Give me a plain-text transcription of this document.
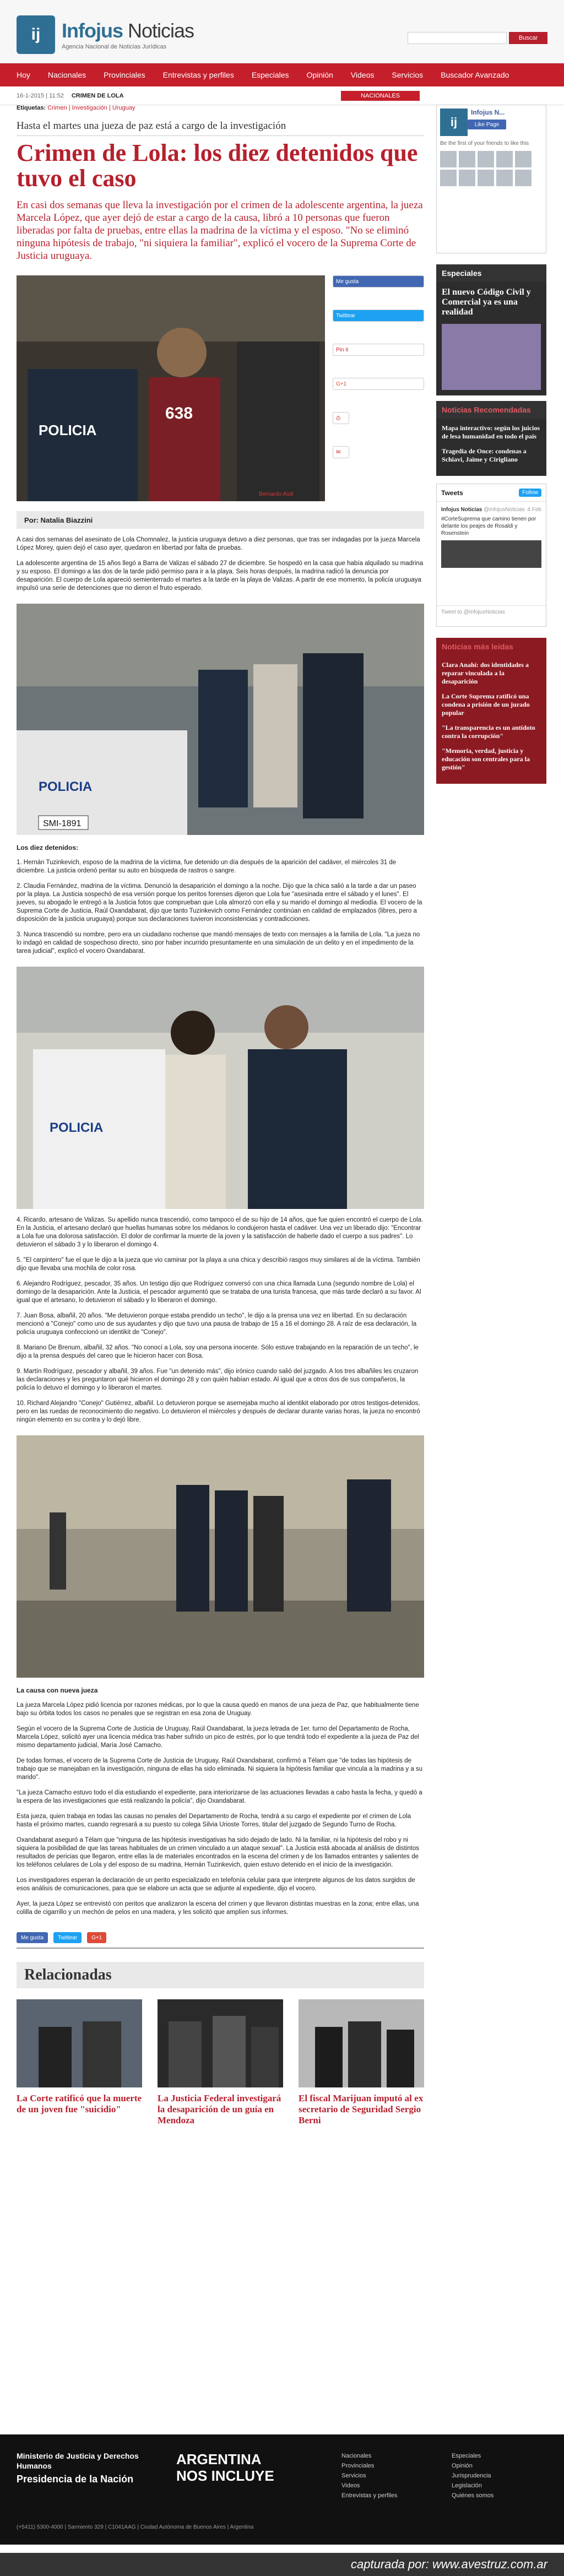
ij	Infojus Noticias
Agencia Nacional de Noticias Jurídicas
Buscar
Hoy Nacionales Provinciales Entrevistas y perfiles Especiales Opinión Videos Servicios Buscador Avanzado
16-1-2015 | 11:52 CRIMEN DE LOLA	NACIONALES
Etiquetas: Crimen | Investigación | Uruguay
Hasta el martes una jueza de paz está a cargo de la investigación
Crimen de Lola: los diez detenidos que tuvo el caso
En casi dos semanas que lleva la investigación por el crimen de la adolescente argentina, la jueza Marcela López, que ayer dejó de estar a cargo de la causa, libró a 10 personas que fueron liberadas por falta de pruebas, entre ellas la madrina de la víctima y el esposo. "No se eliminó ninguna hipótesis de trabajo, "ni siquiera la familiar", explicó el vocero de la Suprema Corte de Justicia uruguaya.
POLICIA
638
Bernardo Aiuli
Me gusta
Twittear
Pin it
G+1
⎙
✉
Por: Natalia Biazzini

A casi dos semanas del asesinato de Lola Chomnalez, la justicia uruguaya detuvo a diez personas, que tras ser indagadas por la jueza Marcela López Morey, quien dejó el caso ayer, quedaron en libertad por falta de pruebas.

La adolescente argentina de 15 años llegó a Barra de Valizas el sábado 27 de diciembre. Se hospedó en la casa que había alquilado su madrina y su esposo. El domingo a las dos de la tarde pidió permiso para ir a la playa. Seis horas después, la madrina radicó la denuncia por desaparición. El cuerpo de Lola apareció semienterrado el martes a la tarde en la playa de Valizas. A partir de ese momento, la policía uruguaya impulsó una serie de detenciones que no dieron el fruto esperado.

POLICIA
SMI-1891
Los diez detenidos:

1. Hernán Tuzinkevich, esposo de la madrina de la víctima, fue detenido un día después de la aparición del cadáver, el miércoles 31 de diciembre. La justicia ordenó peritar su auto en búsqueda de rastros o sangre.

2. Claudia Fernández, madrina de la víctima. Denunció la desaparición el domingo a la noche. Dijo que la chica salió a la tarde a dar un paseo por la playa. La Justicia sospechó de esa versión porque los peritos forenses dijeron que Lola fue "asesinada entre el sábado y el lunes". El jueves, su abogado le entregó a la Justicia fotos que comprueban que Lola almorzó con ella y su marido el domingo al mediodía. El vocero de la Suprema Corte de Justicia, Raúl Oxandabarat, dijo que tanto Tuzinkevich como Fernández continúan en calidad de emplazados (libres, pero a disposición de la justicia uruguaya) porque sus declaraciones tuvieron inconsistencias y contradicciones.

3. Nunca trascendió su nombre, pero era un ciudadano rochense que mandó mensajes de texto con mensajes a la familia de Lola. "La jueza no lo indagó en calidad de sospechoso directo, sino por haber incurrido presuntamente en una simulación de un delito y en el impedimento de la tarea judicial", explicó el vocero Oxandabarat.

POLICIA

4. Ricardo, artesano de Valizas. Su apellido nunca trascendió, como tampoco el de su hijo de 14 años, que fue quien encontró el cuerpo de Lola. En la Justicia, el artesano declaró que huellas humanas sobre los médanos lo condujeron hasta el cadáver. Una vez un liberado dijo: "Encontrar a Lola fue una dolorosa satisfacción. El dolor de confirmar la muerte de la joven y la satisfacción de haberle dado el cuerpo a sus padres". Lo detuvieron el sábado 3 y lo liberaron el domingo 4.

5. "El carpintero" fue el que le dijo a la jueza que vio caminar por la playa a una chica y describió rasgos muy similares al de la víctima. También dijo que llevaba una mochila de color rosa.

6. Alejandro Rodríguez, pescador, 35 años. Un testigo dijo que Rodríguez conversó con una chica llamada Luna (segundo nombre de Lola) el domingo de la desaparición. Ante la Justicia, el pescador argumentó que se trataba de una turista francesa, que más tarde declaró a su favor. Al igual que el artesano, lo detuvieron el sábado y lo liberaron el domingo.

7. Juan Bosa, albañil, 20 años. "Me detuvieron porque estaba prendido un techo", le dijo a la prensa una vez en libertad. En su declaración mencionó a "Conejo" como uno de sus ayudantes y dijo que tuvo una pausa de trabajo de 15 a 16 el domingo 28. A raíz de esa declaración, la policía uruguaya confeccionó un identikit de "Conejo".

8. Mariano De Brenum, albañil, 32 años. "No conocí a Lola, soy una persona inocente. Sólo estuve trabajando en la reparación de un techo", le dijo a la prensa después del careo que le hicieron hacer con Bosa.

9. Martín Rodríguez, pescador y albañil, 39 años. Fue "un detenido más", dijo irónico cuando salió del juzgado. A los tres albañiles les cruzaron las declaraciones y les preguntaron qué hicieron el domingo 28 y con quién habían estado. Al igual que a otros dos de sus compañeros, la policía lo detuvo el domingo y lo liberaron el martes.

10. Richard Alejandro "Conejo" Gutiérrez, albañil. Lo detuvieron porque se asemejaba mucho al identikit elaborado por otros testigos-detenidos, pero en las ruedas de reconocimiento dio negativo. Lo detuvieron el miércoles y después de declarar durante varias horas, la jueza no encontró ningún elemento en su contra y lo dejó libre.

La causa con nueva jueza

La jueza Marcela López pidió licencia por razones médicas, por lo que la causa quedó en manos de una jueza de Paz, que habitualmente tiene bajo su órbita todos los casos no penales que se registran en esa zona de Uruguay.

Según el vocero de la Suprema Corte de Justicia de Uruguay, Raúl Oxandabarat, la jueza letrada de 1er. turno del Departamento de Rocha, Marcela López, solicitó ayer una licencia médica tras haber sufrido un pico de estrés, por lo que tendrá todo el expediente a la jueza de Paz del mismo departamento judicial, María José Camacho.

De todas formas, el vocero de la Suprema Corte de Justicia de Uruguay, Raúl Oxandabarat, confirmó a Télam que "de todas las hipótesis de trabajo que se manejaban en la investigación, ninguna de ellas ha sido eliminada. Ni siquiera la hipótesis familiar que vincula a la madrina y a su marido".

"La jueza Camacho estuvo todo el día estudiando el expediente, para interiorizarse de las actuaciones llevadas a cabo hasta la fecha, y quedó a la espera de las investigaciones que está realizando la policía", dijo Oxandabarat.

Esta jueza, quien trabaja en todas las causas no penales del Departamento de Rocha, tendrá a su cargo el expediente por el crimen de Lola hasta el próximo martes, cuando regresará a su puesto su colega Silvia Urioste Torres, titular del juzgado de Segundo Turno de Rocha.

Oxandabarat aseguró a Télam que "ninguna de las hipótesis investigativas ha sido dejado de lado. Ni la familiar, ni la hipótesis del robo y ni siquiera la posibilidad de que las tareas habituales de un crimen vinculado a un ataque sexual". La Justicia está abocada al análisis de distintos resultados de pericias que llegaron, entre ellas la de materiales encontrados en la escena del crimen y de los llamados entrantes y salientes de los teléfonos celulares de Lola y del esposo de su madrina, Hernán Tuzinkevich, quien estuvo detenido en el inicio de la investigación.

Los investigadores esperan la declaración de un perito especializado en telefonía celular para que interprete algunos de los datos surgidos de esos análisis de comunicaciones, para que se elabore un acta que se adjunte al expediente, dijo el vocero.

Ayer, la jueza López se entrevistó con peritos que analizaron la escena del crimen y que llevaron distintas muestras en la zona; entre ellas, una colilla de cigarrillo y un mechón de pelos en una madera, y les solicitó que amplíen sus informes.

Me gusta	Twittear	G+1
Relacionadas
La Corte ratificó que la muerte de un joven fue "suicidio"
La Justicia Federal investigará la desaparición de un guía en Mendoza
El fiscal Marijuan imputó al ex secretario de Seguridad Sergio Berni
ij
Infojus N...
Like Page
Be the first of your friends to like this
Especiales
El nuevo Código Civil y Comercial ya es una realidad
Noticias Recomendadas
Mapa interactivo: según los juicios de lesa humanidad en todo el país
Tragedia de Once: condenas a Schiavi, Jaime y Cirigliano
Tweets	Follow
Infojus Noticias @infojusNoticias 4 Feb
#CorteSuprema que camino tienen por delante los peajes de Rosaldi y Rosenstein
Tweet to @InfojusNoticias
Noticias más leídas
Clara Anahí: dos identidades a reparar vinculada a la desaparición
La Corte Suprema ratificó una condena a prisión de un jurado popular
"La transparencia es un antídoto contra la corrupción"
"Memoria, verdad, justicia y educación son centrales para la gestión"
Ministerio de Justicia y Derechos Humanos
Presidencia de la Nación
ARGENTINA
NOS INCLUYE
Nacionales
Provinciales
Servicios
Videos
Entrevistas y perfiles
Especiales
Opinión
Jurisprudencia
Legislación
Quiénes somos
(+5411) 5300-4000 | Sarmiento 329 | C1041AAG | Ciudad Autónoma de Buenos Aires | Argentina
capturada por: www.avestruz.com.ar
